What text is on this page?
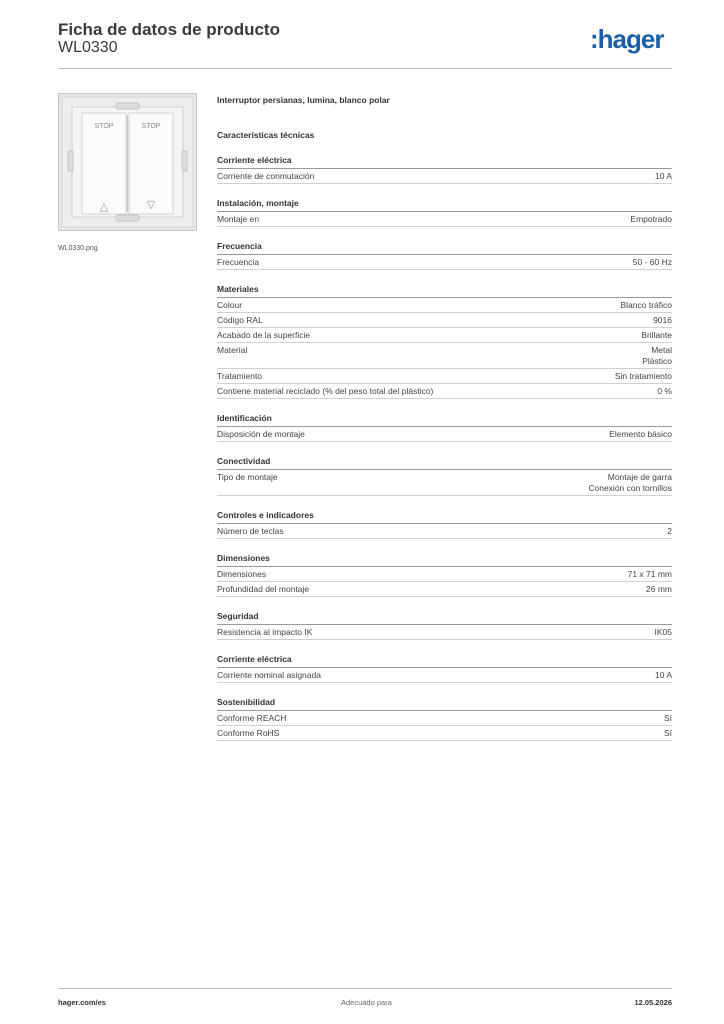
Ficha de datos de producto
WL0330	:hager
STOP	STOP
△	▽
WL0330.png
Interruptor persianas, lumina, blanco polar
Características técnicas
Corriente eléctrica
Corriente de conmutación	10 A
Instalación, montaje
Montaje en	Empotrado
Frecuencia
Frecuencia	50 - 60 Hz
Materiales
Colour	Blanco tráfico
Código RAL	9016
Acabado de la superficie	Brillante
Material	Metal
Plástico
Tratamiento	Sin tratamiento
Contiene material reciclado (% del peso total del plástico)	0 %
Identificación
Disposición de montaje	Elemento básico
Conectividad
Tipo de montaje	Montaje de garra
Conexión con tornillos
Controles e indicadores
Número de teclas	2
Dimensiones
Dimensiones	71 x 71 mm
Profundidad del montaje	26 mm
Seguridad
Resistencia al impacto IK	IK05
Corriente eléctrica
Corriente nominal asignada	10 A
Sostenibilidad
Conforme REACH	Sí
Conforme RoHS	Sí
hager.com/es	Adecuado para	12.05.2026
